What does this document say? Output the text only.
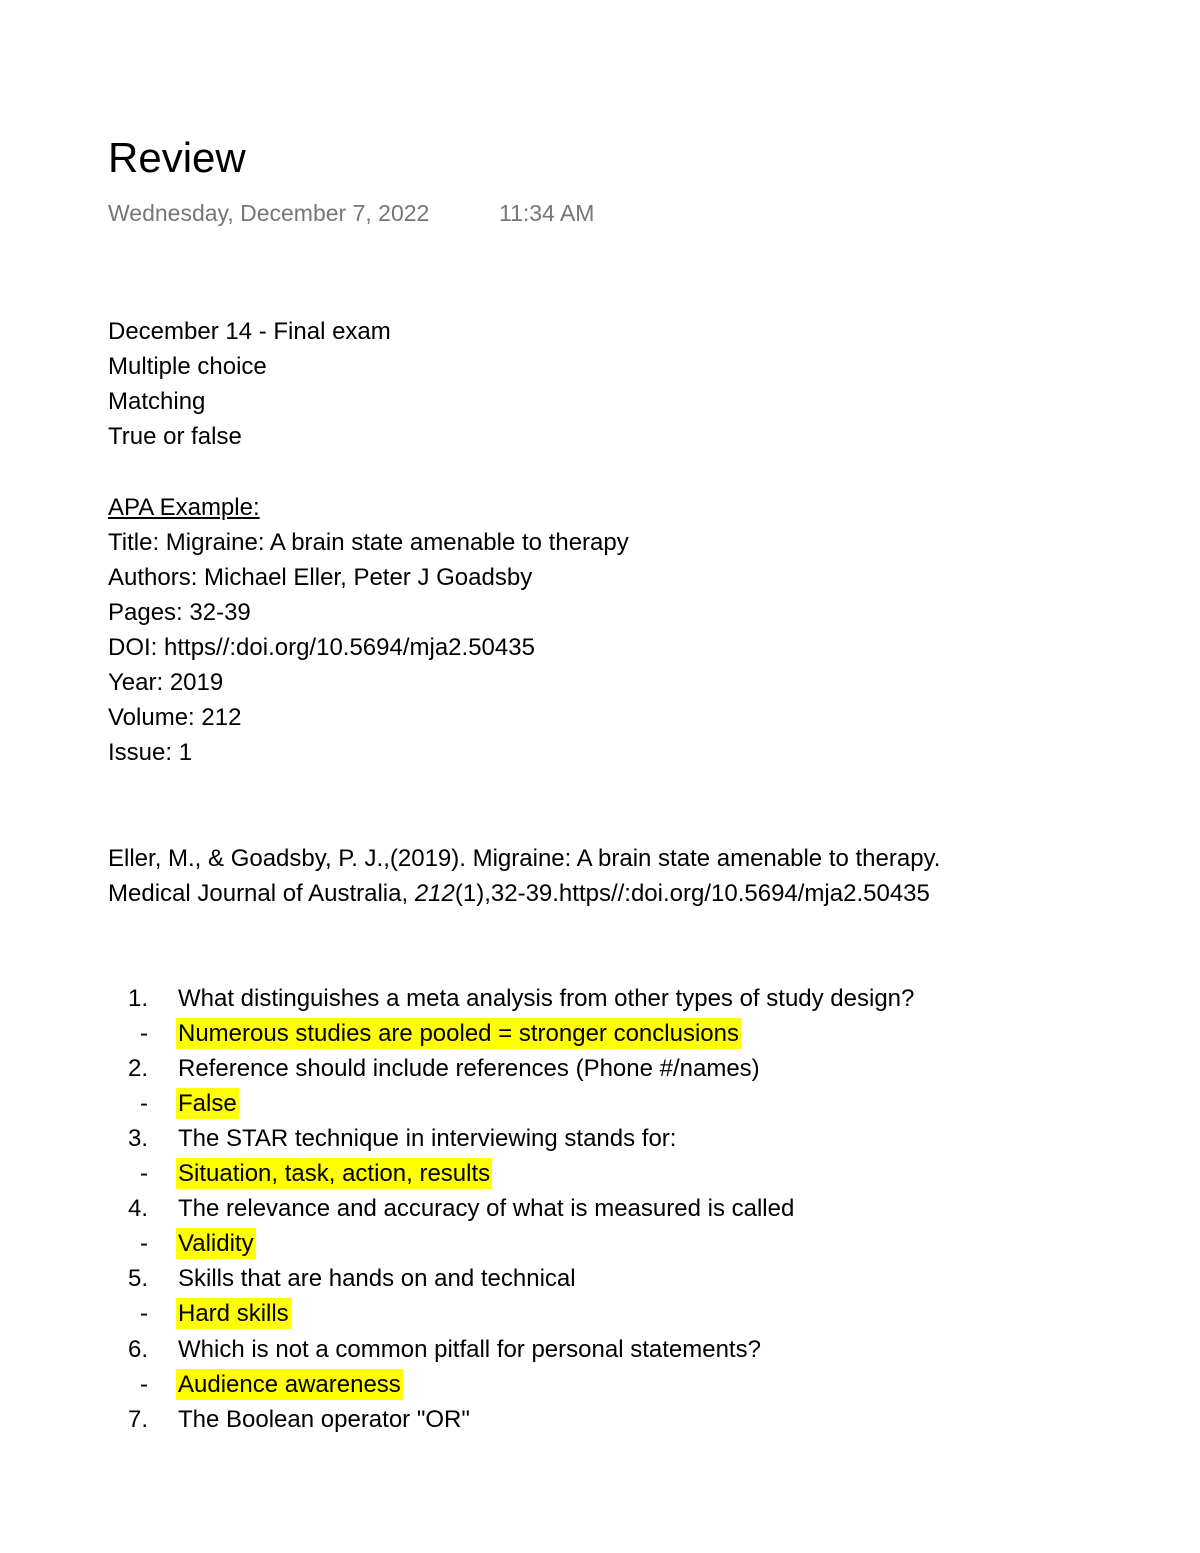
Review
Wednesday, December 7, 2022	11:34 AM
December 14 - Final exam
Multiple choice
Matching
True or false
APA Example:
Title: Migraine: A brain state amenable to therapy
Authors: Michael Eller, Peter J Goadsby
Pages: 32-39
DOI: https//:doi.org/10.5694/mja2.50435
Year: 2019
Volume: 212
Issue: 1
Eller, M., & Goadsby, P. J.,(2019). Migraine: A brain state amenable to therapy.
Medical Journal of Australia, 212(1),32-39.https//:doi.org/10.5694/mja2.50435
1.	What distinguishes a meta analysis from other types of study design?
- Numerous studies are pooled = stronger conclusions
2.	Reference should include references (Phone #/names)
- False
3.	The STAR technique in interviewing stands for:
- Situation, task, action, results
4.	The relevance and accuracy of what is measured is called
- Validity
5.	Skills that are hands on and technical
- Hard skills
6.	Which is not a common pitfall for personal statements?
- Audience awareness
7.	The Boolean operator "OR"
